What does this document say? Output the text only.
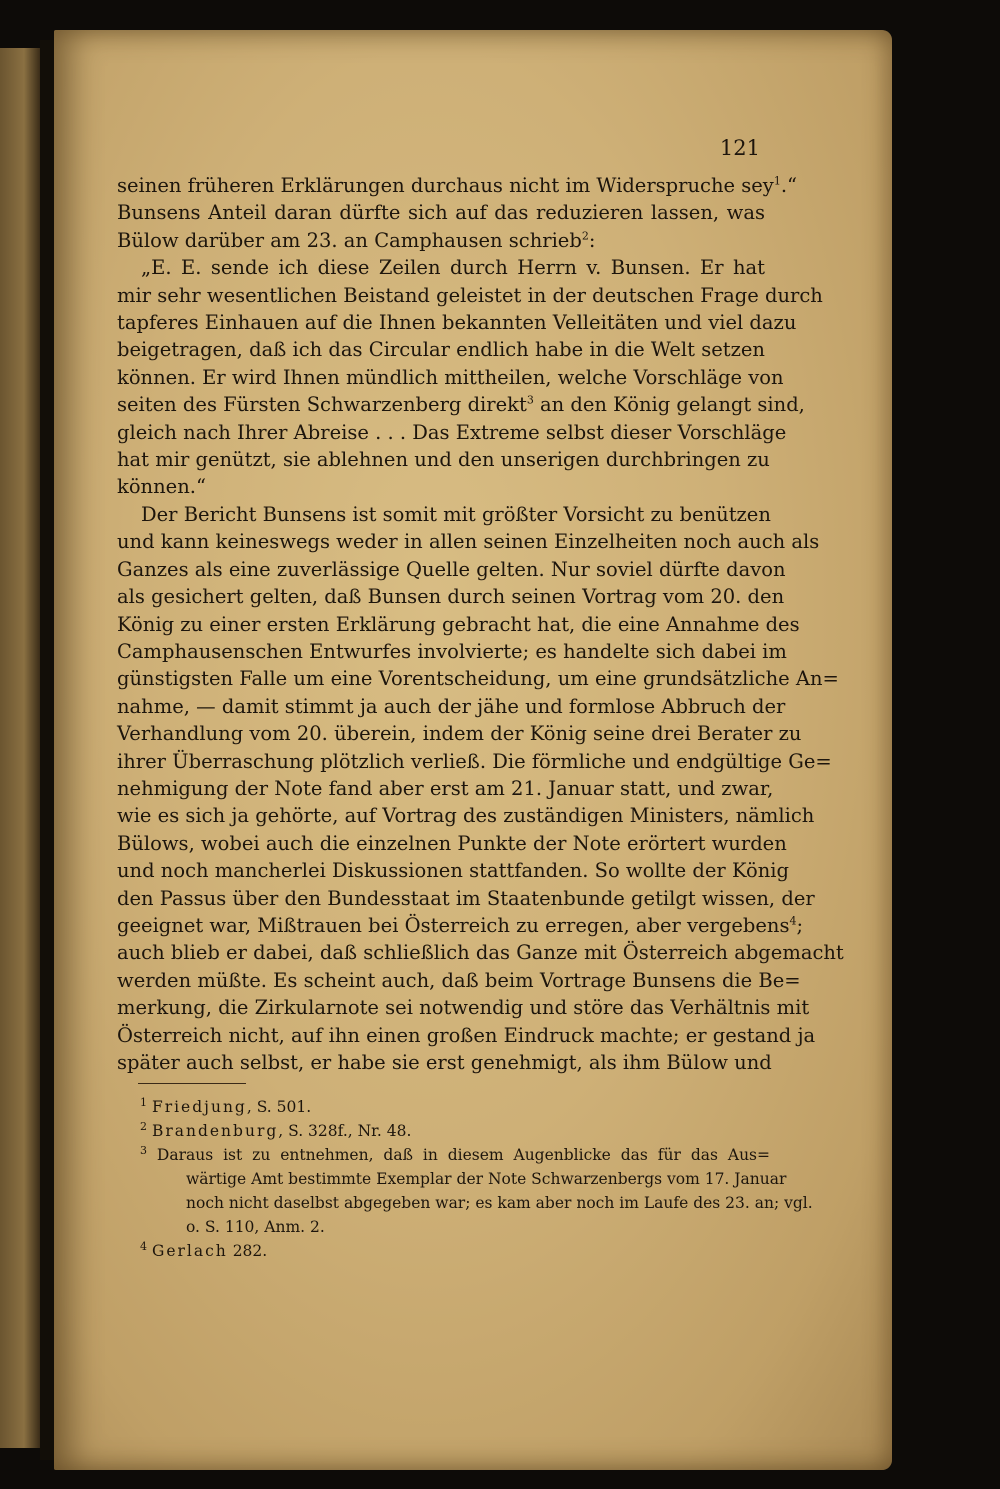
121
seinen früheren Erklärungen durchaus nicht im Widerspruche sey$^1$.“
Bunsens Anteil daran dürfte sich auf das reduzieren lassen, was
Bülow darüber am 23. an Camphausen schrieb$^2$:
„E. E. sende ich diese Zeilen durch Herrn v. Bunsen. Er hat
mir sehr wesentlichen Beistand geleistet in der deutschen Frage durch
tapferes Einhauen auf die Ihnen bekannten Velleitäten und viel dazu
beigetragen, daß ich das Circular endlich habe in die Welt setzen
können. Er wird Ihnen mündlich mittheilen, welche Vorschläge von
seiten des Fürsten Schwarzenberg direkt$^3$ an den König gelangt sind,
gleich nach Ihrer Abreise . . . Das Extreme selbst dieser Vorschläge
hat mir genützt, sie ablehnen und den unserigen durchbringen zu
können.“
Der Bericht Bunsens ist somit mit größter Vorsicht zu benützen
und kann keineswegs weder in allen seinen Einzelheiten noch auch als
Ganzes als eine zuverlässige Quelle gelten. Nur soviel dürfte davon
als gesichert gelten, daß Bunsen durch seinen Vortrag vom 20. den
König zu einer ersten Erklärung gebracht hat, die eine Annahme des
Camphausenschen Entwurfes involvierte; es handelte sich dabei im
günstigsten Falle um eine Vorentscheidung, um eine grundsätzliche An=
nahme, — damit stimmt ja auch der jähe und formlose Abbruch der
Verhandlung vom 20. überein, indem der König seine drei Berater zu
ihrer Überraschung plötzlich verließ. Die förmliche und endgültige Ge=
nehmigung der Note fand aber erst am 21. Januar statt, und zwar,
wie es sich ja gehörte, auf Vortrag des zuständigen Ministers, nämlich
Bülows, wobei auch die einzelnen Punkte der Note erörtert wurden
und noch mancherlei Diskussionen stattfanden. So wollte der König
den Passus über den Bundesstaat im Staatenbunde getilgt wissen, der
geeignet war, Mißtrauen bei Österreich zu erregen, aber vergebens$^4$;
auch blieb er dabei, daß schließlich das Ganze mit Österreich abgemacht
werden müßte. Es scheint auch, daß beim Vortrage Bunsens die Be=
merkung, die Zirkularnote sei notwendig und störe das Verhältnis mit
Österreich nicht, auf ihn einen großen Eindruck machte; er gestand ja
später auch selbst, er habe sie erst genehmigt, als ihm Bülow und
$^1$ Friedjung, S. 501.
$^2$ Brandenburg, S. 328f., Nr. 48.
$^3$ Daraus ist zu entnehmen, daß in diesem Augenblicke das für das Aus=
wärtige Amt bestimmte Exemplar der Note Schwarzenbergs vom 17. Januar
noch nicht daselbst abgegeben war; es kam aber noch im Laufe des 23. an; vgl.
o. S. 110, Anm. 2.
$^4$ Gerlach 282.
